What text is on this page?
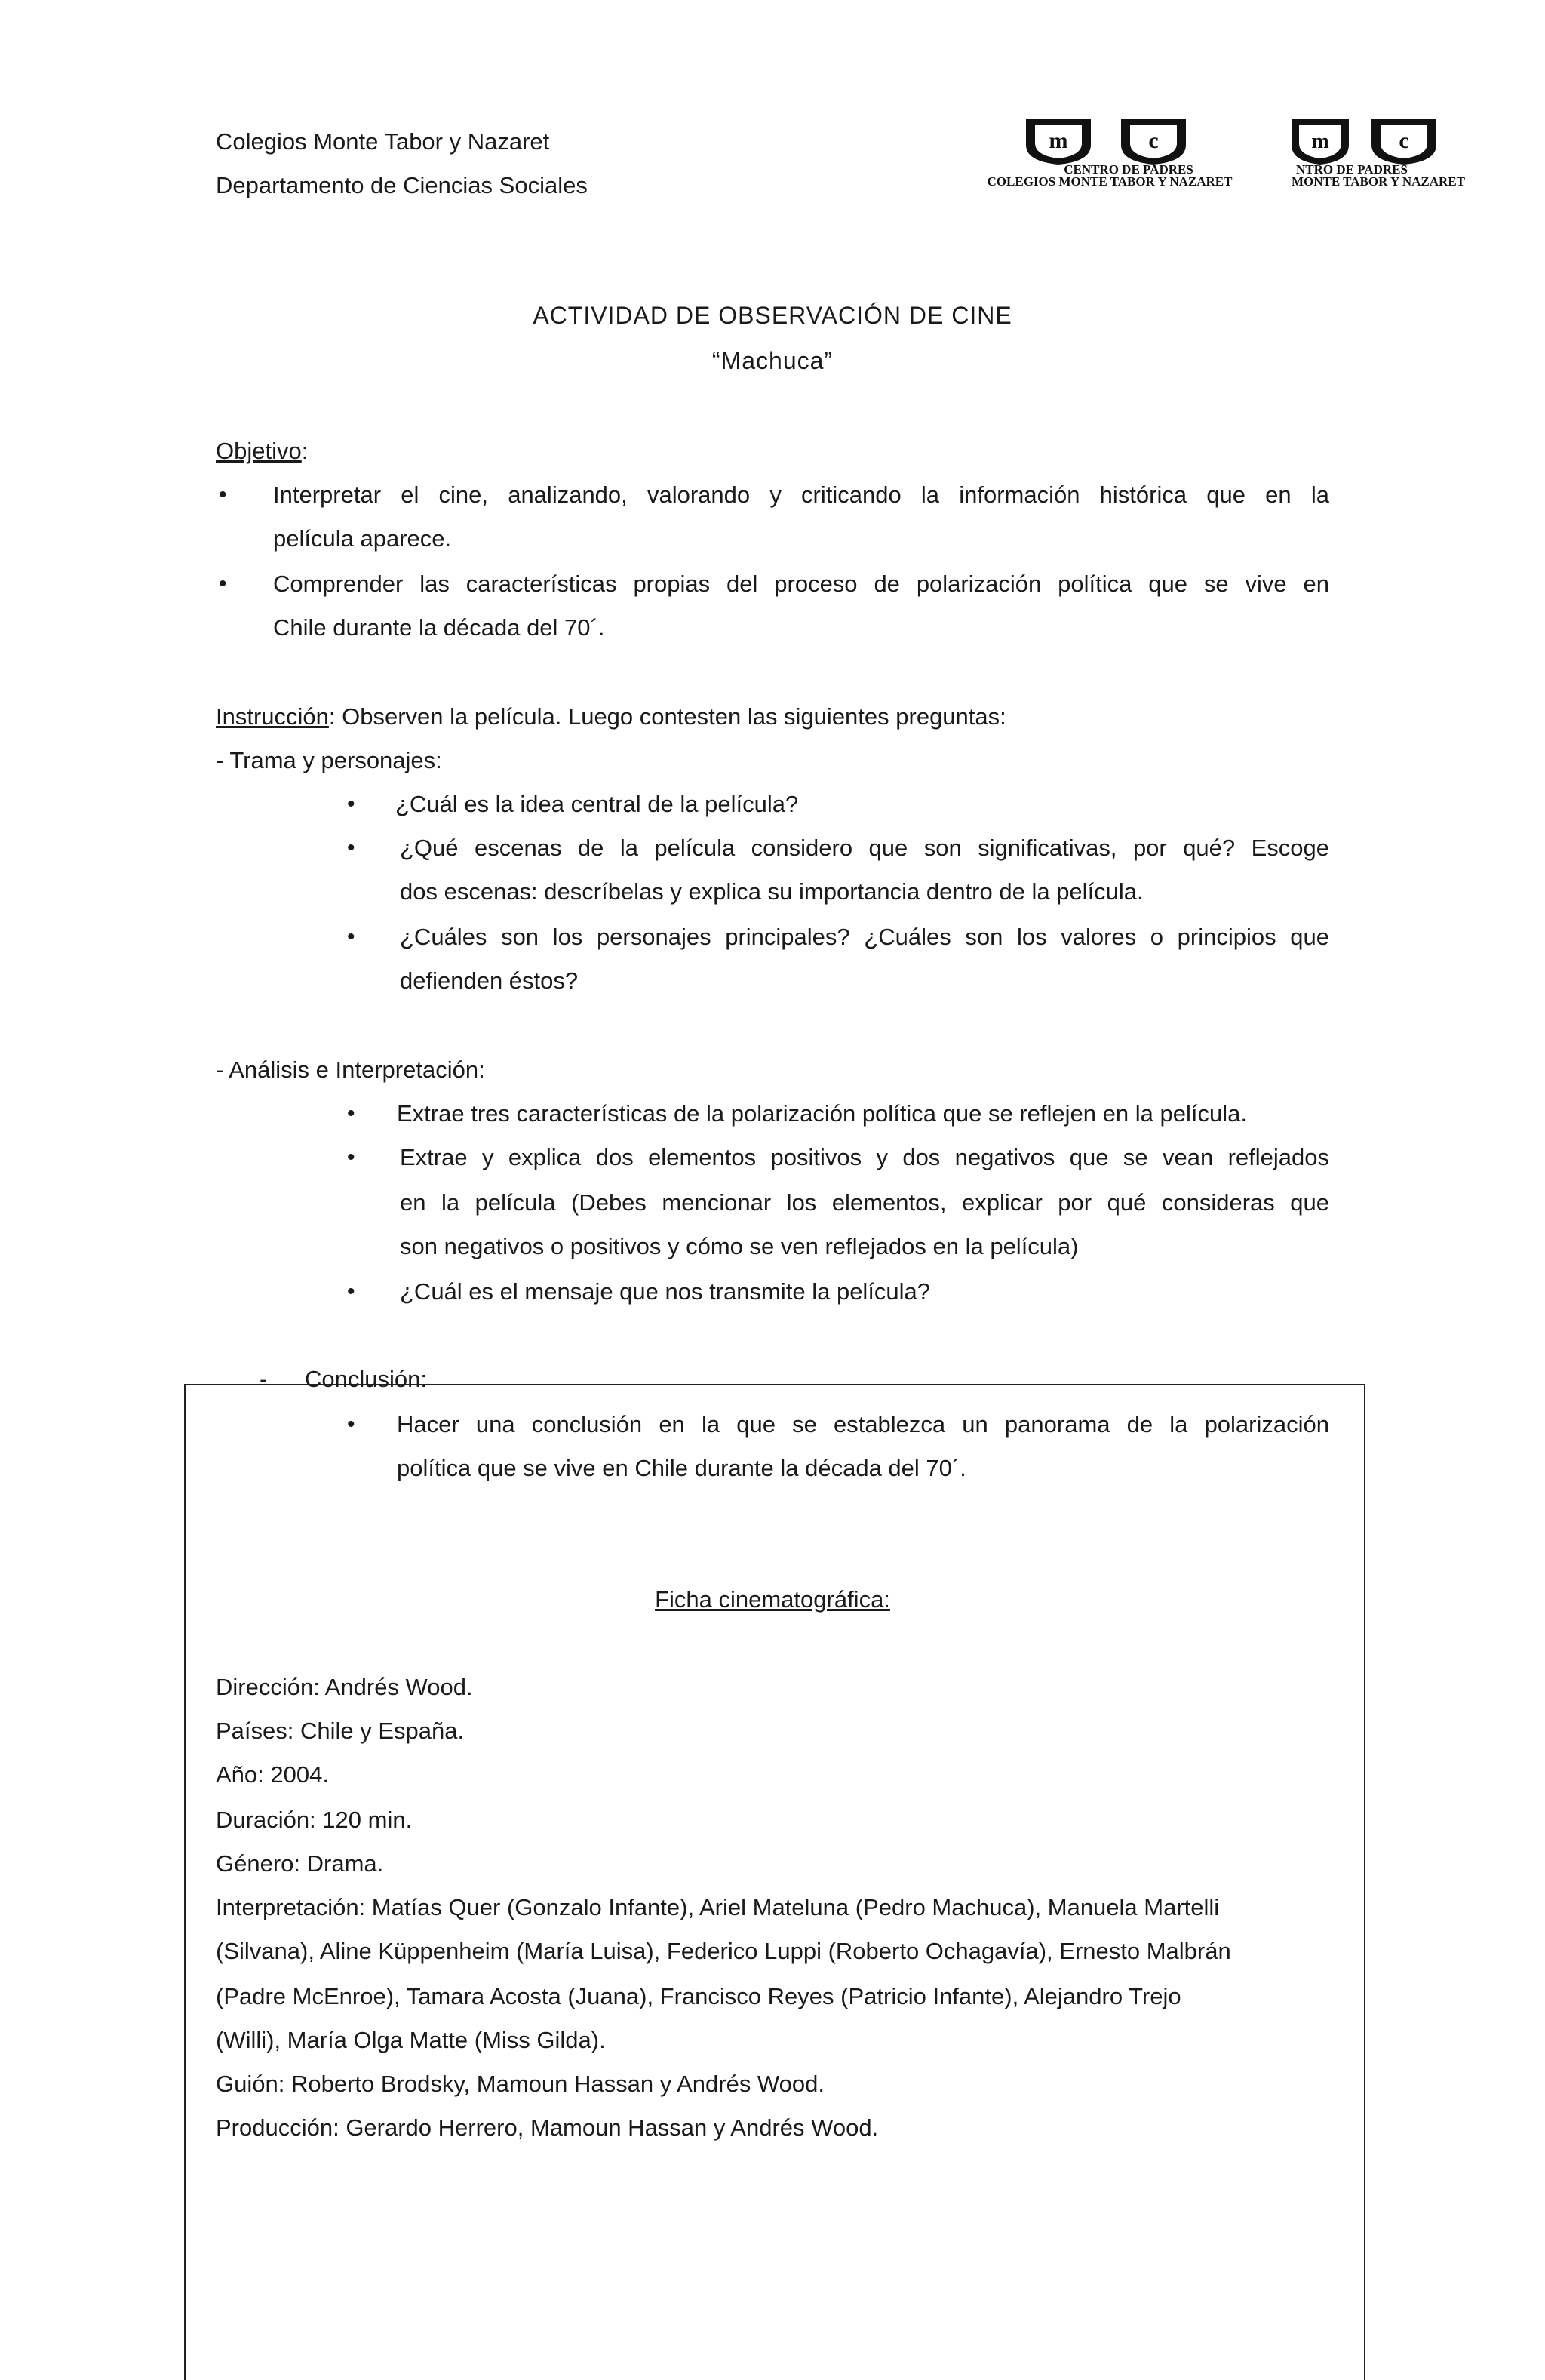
Colegios Monte Tabor y Nazaret
Departamento de Ciencias Sociales
m	c
CENTRO DE PADRES
COLEGIOS MONTE TABOR Y NAZARET
m	c
NTRO DE PADRES
MONTE TABOR Y NAZARET
ACTIVIDAD DE OBSERVACIÓN DE CINE
“Machuca”
Objetivo:
• Interpretar el cine, analizando, valorando y criticando la información histórica que en la
película aparece.
• Comprender las características propias del proceso de polarización política que se vive en
Chile durante la década del 70´.
Instrucción: Observen la película. Luego contesten las siguientes preguntas:
- Trama y personajes:
• ¿Cuál es la idea central de la película?
• ¿Qué escenas de la película considero que son significativas, por qué? Escoge
dos escenas: descríbelas y explica su importancia dentro de la película.
• ¿Cuáles son los personajes principales? ¿Cuáles son los valores o principios que
defienden éstos?
- Análisis e Interpretación:
• Extrae tres características de la polarización política que se reflejen en la película.
• Extrae y explica dos elementos positivos y dos negativos que se vean reflejados
en la película (Debes mencionar los elementos, explicar por qué consideras que
son negativos o positivos y cómo se ven reflejados en la película)
• ¿Cuál es el mensaje que nos transmite la película?
- Conclusión:
• Hacer una conclusión en la que se establezca un panorama de la polarización
política que se vive en Chile durante la década del 70´.
Ficha cinematográfica:
Dirección: Andrés Wood.
Países: Chile y España.
Año: 2004.
Duración: 120 min.
Género: Drama.
Interpretación: Matías Quer (Gonzalo Infante), Ariel Mateluna (Pedro Machuca), Manuela Martelli
(Silvana), Aline Küppenheim (María Luisa), Federico Luppi (Roberto Ochagavía), Ernesto Malbrán
(Padre McEnroe), Tamara Acosta (Juana), Francisco Reyes (Patricio Infante), Alejandro Trejo
(Willi), María Olga Matte (Miss Gilda).
Guión: Roberto Brodsky, Mamoun Hassan y Andrés Wood.
Producción: Gerardo Herrero, Mamoun Hassan y Andrés Wood.
